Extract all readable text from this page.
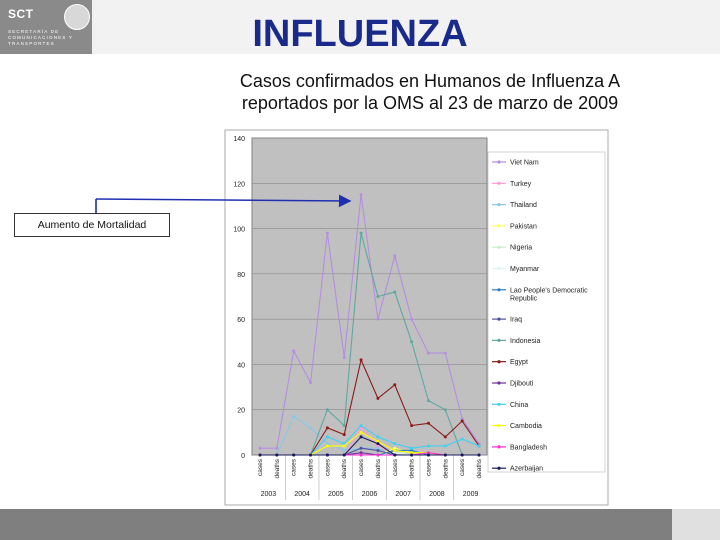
SCT
SECRETARÍA DE COMUNICACIONES Y TRANSPORTES	INFLUENZA
Casos confirmados en Humanos de Influenza A
reportados por la OMS al 23 de marzo de 2009
Aumento de Mortalidad
0
20
40
60
80
100
120
140
cases deaths cases deaths cases deaths cases deaths cases deaths cases deaths cases deaths
2003	2004	2005	2006	2007	2008	2009
Viet Nam
Turkey
Thailand
Pakistan
Nigeria
Myanmar
Lao People's Democratic Republic
Iraq
Indonesia
Egypt
Djibouti
China
Cambodia
Bangladesh
Azerbaijan
